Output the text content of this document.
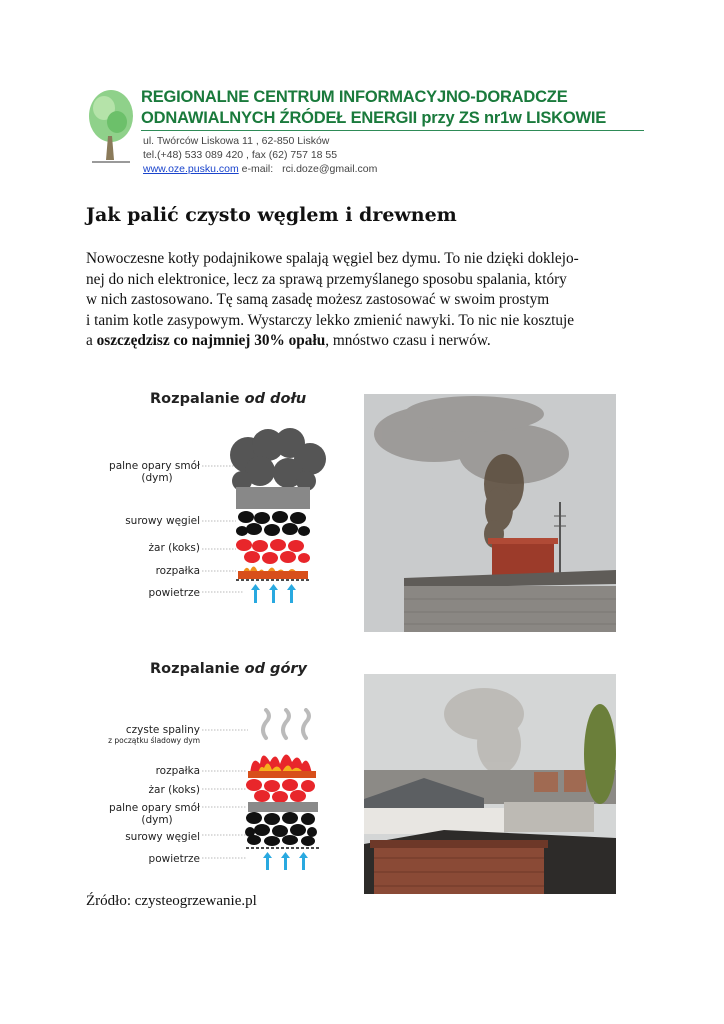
REGIONALNE CENTRUM INFORMACYJNO-DORADCZE
ODNAWIALNYCH ŹRÓDEŁ ENERGII przy ZS nr1w LISKOWIE
ul. Twórców Liskowa 11 , 62-850 Lisków
tel.(+48) 533 089 420 , fax (62) 757 18 55
www.oze.pusku.com e-mail: rci.doze@gmail.com
Jak palić czysto węglem i drewnem

Nowoczesne kotły podajnikowe spalają węgiel bez dymu. To nie dzięki doklejo-

nej do nich elektronice, lecz za sprawą przemyślanego sposobu spalania, który

w nich zastosowano. Tę samą zasadę możesz zastosować w swoim prostym

i tanim kotle zasypowym. Wystarczy lekko zmienić nawyki. To nic nie kosztuje

a oszczędzisz co najmniej 30% opału, mnóstwo czasu i nerwów.

Rozpalanie od dołu
palne opary smół
(dym)
surowy węgiel
żar (koks)
rozpałka
powietrze
Rozpalanie od góry
czyste spaliny
z początku śladowy dym
rozpałka
żar (koks)
palne opary smół
(dym)
surowy węgiel
powietrze
Źródło: czysteogrzewanie.pl
